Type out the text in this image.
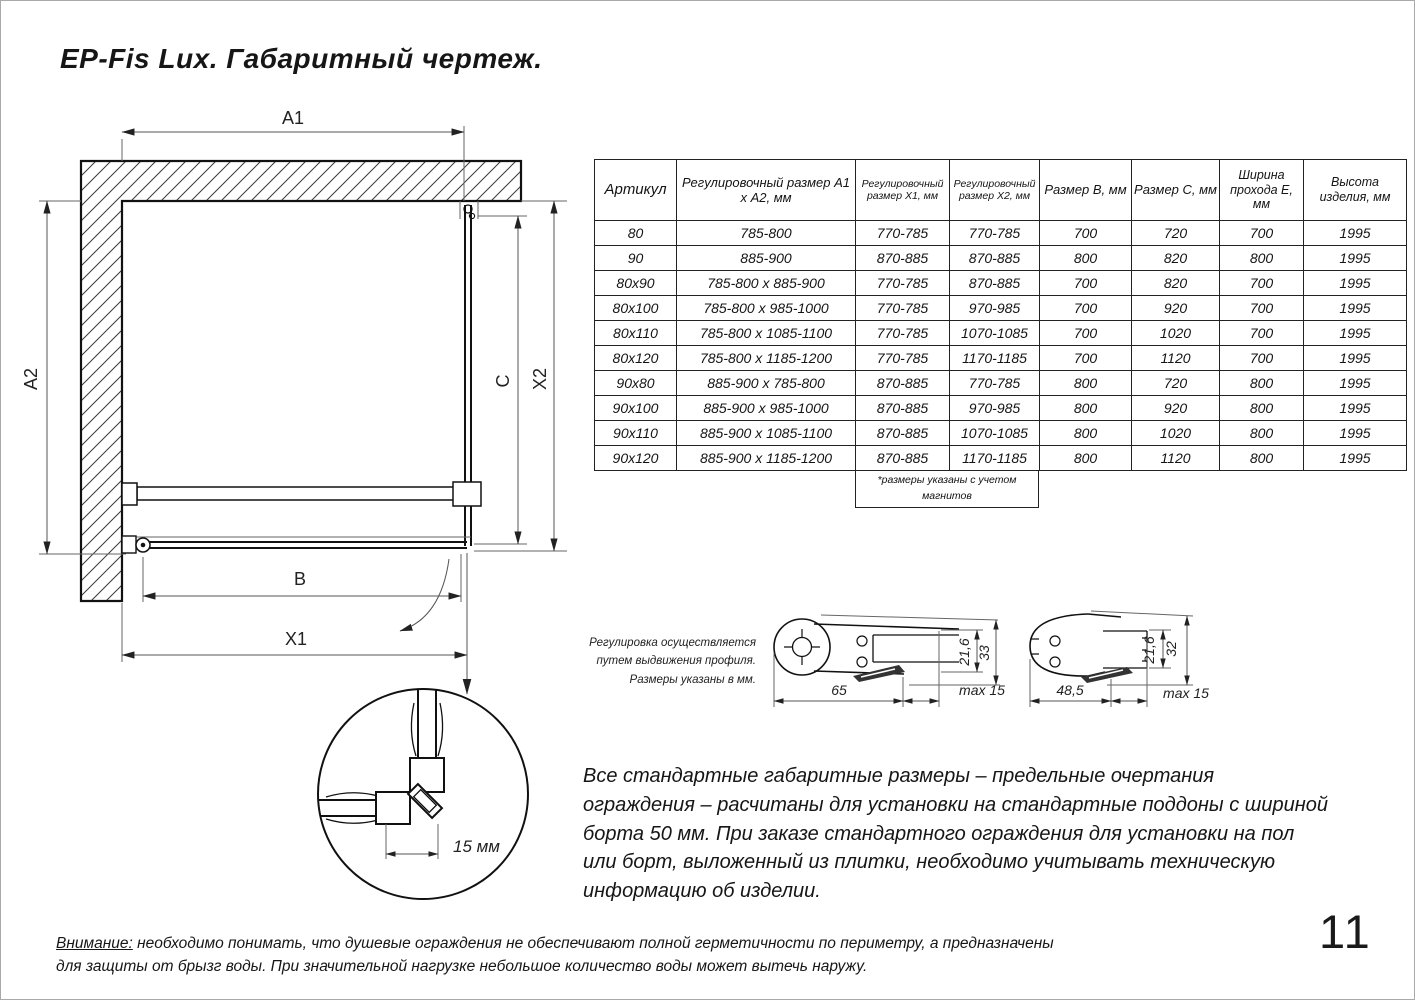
EP-Fis Lux. Габаритный чертеж.
A1
A2	C X2
B
X1
15 мм
65	max 15
21,6 33
48,5	max 15
21,6 32
Артикул	Регулировочный размер А1 х А2, мм	Регулировочный размер Х1, мм	Регулировочный размер Х2, мм	Размер В, мм	Размер С, мм	Ширина прохода Е, мм	Высота изделия, мм
80	785-800	770-785	770-785	700	720	700	1995
90	885-900	870-885	870-885	800	820	800	1995
80x90	785-800 x 885-900	770-785	870-885	700	820	700	1995
80x100	785-800 x 985-1000	770-785	970-985	700	920	700	1995
80x110	785-800 x 1085-1100	770-785	1070-1085	700	1020	700	1995
80x120	785-800 x 1185-1200	770-785	1170-1185	700	1120	700	1995
90x80	885-900 x 785-800	870-885	770-785	800	720	800	1995
90x100	885-900 x 985-1000	870-885	970-985	800	920	800	1995
90x110	885-900 x 1085-1100	870-885	1070-1085	800	1020	800	1995
90x120	885-900 x 1185-1200	870-885	1170-1185	800	1120	800	1995
*размеры указаны с учетом магнитов
Регулировка осуществляется путем выдвижения профиля. Размеры указаны в мм.
Все стандартные габаритные размеры – предельные очертания ограждения – расчитаны для установки на стандартные поддоны с шириной борта 50 мм. При заказе стандартного ограждения для установки на пол или борт, выложенный из плитки, необходимо учитывать техническую информацию об изделии.
Внимание: необходимо понимать, что душевые ограждения не обеспечивают полной герметичности по периметру, а предназначены для защиты от брызг воды. При значительной нагрузке небольшое количество воды может вытечь наружу.
11
